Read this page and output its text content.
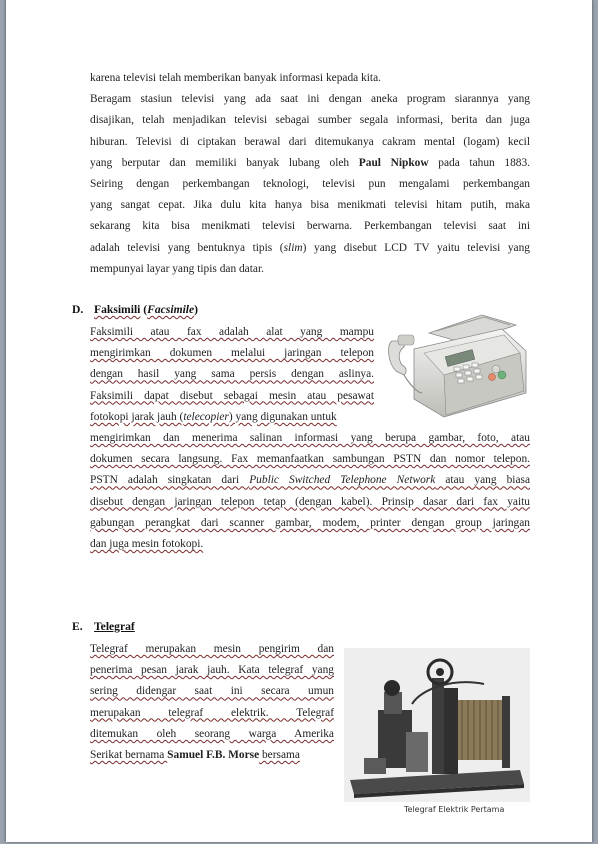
karena televisi telah memberikan banyak informasi kepada kita.

Beragam stasiun televisi yang ada saat ini dengan aneka program siarannya yang

disajikan, telah menjadikan televisi sebagai sumber segala informasi, berita dan juga

hiburan. Televisi di ciptakan berawal dari ditemukanya cakram mental (logam) kecil

yang berputar dan memiliki banyak lubang oleh Paul Nipkow pada tahun 1883.

Seiring dengan perkembangan teknologi, televisi pun mengalami perkembangan

yang sangat cepat. Jika dulu kita hanya bisa menikmati televisi hitam putih, maka

sekarang kita bisa menikmati televisi berwarna. Perkembangan televisi saat ini

adalah televisi yang bentuknya tipis (slim) yang disebut LCD TV yaitu televisi yang

mempunyai layar yang tipis dan datar.

D. Faksimili (Facsimile)
Faksimili atau fax adalah alat yang mampu
mengirimkan dokumen melalui jaringan telepon
dengan hasil yang sama persis dengan aslinya.
Faksimili dapat disebut sebagai mesin atau pesawat
fotokopi jarak jauh (telecopier) yang digunakan untuk
mengirimkan dan menerima salinan informasi yang berupa gambar, foto, atau
dokumen secara langsung. Fax memanfaatkan sambungan PSTN dan nomor telepon.
PSTN adalah singkatan dari Public Switched Telephone Network atau yang biasa
disebut dengan jaringan telepon tetap (dengan kabel). Prinsip dasar dari fax yaitu
gabungan perangkat dari scanner gambar, modem, printer dengan group jaringan
dan juga mesin fotokopi.
E. Telegraf
Telegraf merupakan mesin pengirim dan
penerima pesan jarak jauh. Kata telegraf yang
sering didengar saat ini secara umun
merupakan telegraf elektrik. Telegraf
ditemukan oleh seorang warga Amerika
Serikat bernama Samuel F.B. Morse bersama
Telegraf Elektrik Pertama
